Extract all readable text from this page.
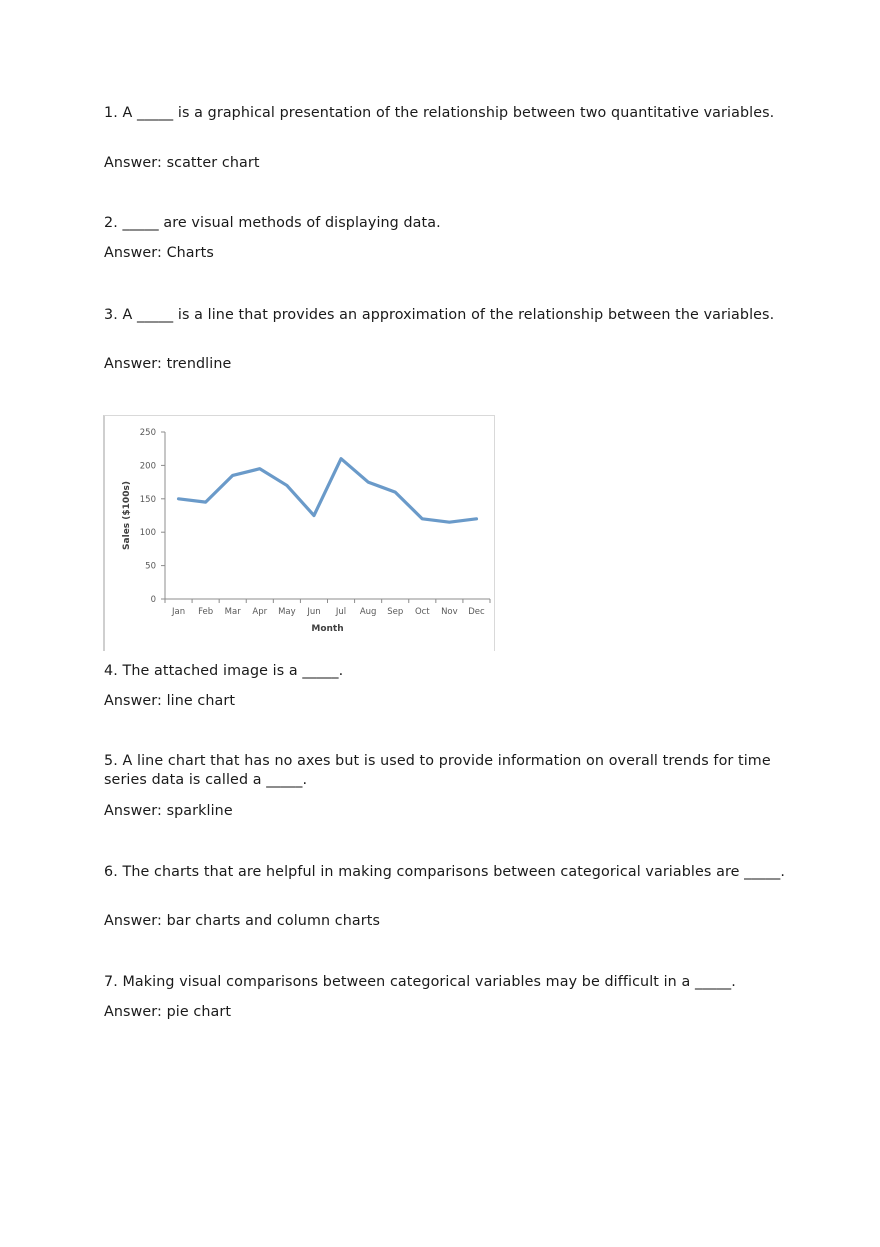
1. A _____ is a graphical presentation of the relationship between two quantitative variables.
Answer: scatter chart
2. _____ are visual methods of displaying data.
Answer: Charts
3. A _____ is a line that provides an approximation of the relationship between the variables.
Answer: trendline
0
50
100
150
200
250
Jan Feb Mar Apr May Jun Jul Aug Sep Oct Nov Dec
Month
Sales ($100s)
4. The attached image is a _____.
Answer: line chart
5. A line chart that has no axes but is used to provide information on overall trends for time series data is called a _____.
Answer: sparkline
6. The charts that are helpful in making comparisons between categorical variables are _____.
Answer: bar charts and column charts
7. Making visual comparisons between categorical variables may be difficult in a _____.
Answer: pie chart
